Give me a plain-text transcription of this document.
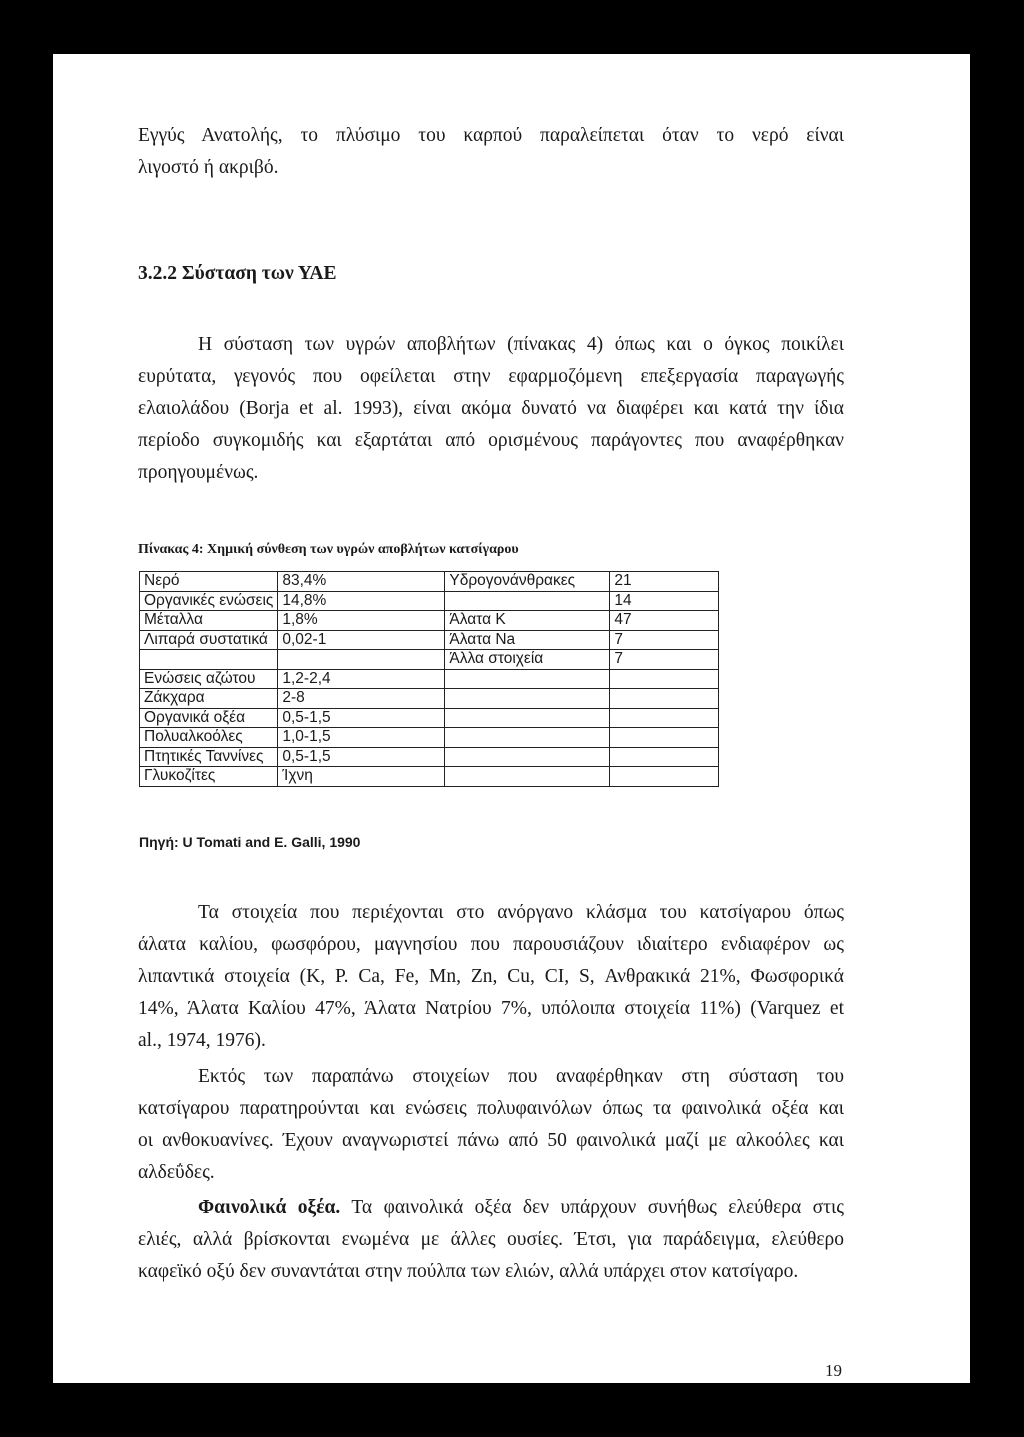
Εγγύς Ανατολής, το πλύσιμο του καρπού παραλείπεται όταν το νερό είναι
λιγοστό ή ακριβό.

3.2.2 Σύσταση των ΥΑΕ

Η σύσταση των υγρών αποβλήτων (πίνακας 4) όπως και ο όγκος ποικίλει
ευρύτατα, γεγονός που οφείλεται στην εφαρμοζόμενη επεξεργασία παραγωγής
ελαιολάδου (Borja et al. 1993), είναι ακόμα δυνατό να διαφέρει και κατά την ίδια
περίοδο συγκομιδής και εξαρτάται από ορισμένους παράγοντες που αναφέρθηκαν
προηγουμένως.

Πίνακας 4: Χημική σύνθεση των υγρών αποβλήτων κατσίγαρου

Νερό	83,4%	Υδρογονάνθρακες	21
Οργανικές ενώσεις	14,8%		14
Μέταλλα	1,8%	Άλατα K	47
Λιπαρά συστατικά	0,02-1	Άλατα Na	7
		Άλλα στοιχεία	7
Ενώσεις αζώτου	1,2-2,4		
Ζάκχαρα	2-8		
Οργανικά οξέα	0,5-1,5		
Πολυαλκοόλες	1,0-1,5		
Πτητικές Ταννίνες	0,5-1,5		
Γλυκοζίτες	Ίχνη		

Πηγή: U Tomati and E. Galli, 1990

Τα στοιχεία που περιέχονται στο ανόργανο κλάσμα του κατσίγαρου όπως
άλατα καλίου, φωσφόρου, μαγνησίου που παρουσιάζουν ιδιαίτερο ενδιαφέρον ως
λιπαντικά στοιχεία (K, P. Ca, Fe, Mn, Zn, Cu, CI, S, Ανθρακικά 21%, Φωσφορικά
14%, Άλατα Καλίου 47%, Άλατα Νατρίου 7%, υπόλοιπα στοιχεία 11%) (Varquez et
al., 1974, 1976).

Εκτός των παραπάνω στοιχείων που αναφέρθηκαν στη σύσταση του
κατσίγαρου παρατηρούνται και ενώσεις πολυφαινόλων όπως τα φαινολικά οξέα και
οι ανθοκυανίνες. Έχουν αναγνωριστεί πάνω από 50 φαινολικά μαζί με αλκοόλες και
αλδεΰδες.

Φαινολικά οξέα. Τα φαινολικά οξέα δεν υπάρχουν συνήθως ελεύθερα στις
ελιές, αλλά βρίσκονται ενωμένα με άλλες ουσίες. Έτσι, για παράδειγμα, ελεύθερο
καφεϊκό οξύ δεν συναντάται στην πούλπα των ελιών, αλλά υπάρχει στον κατσίγαρο.

19
